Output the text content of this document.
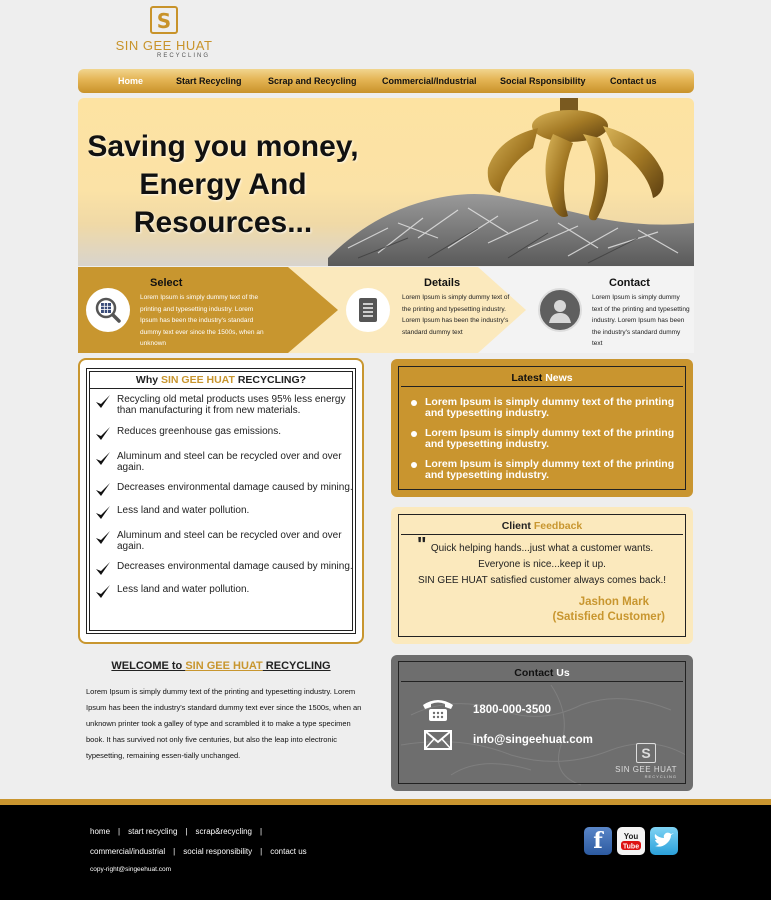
S
SIN GEE HUAT
RECYCLING
Home	Start Recycling	Scrap and Recycling	Commercial/Industrial	Social Rsponsibility	Contact us
Saving you money,
Energy And
Resources...
Select
Lorem Ipsum is simply dummy text of the printing and typesetting industry. Lorem Ipsum has been the industry's standard dummy text ever since the 1500s, when an unknown
Details
Lorem Ipsum is simply dummy text of the printing and typesetting industry. Lorem Ipsum has been the industry's standard dummy text
Contact
Lorem Ipsum is simply dummy text of the printing and typesetting industry. Lorem Ipsum has been the industry's standard dummy text
Why SIN GEE HUAT RECYCLING?
Recycling old metal products uses 95% less energy than manufacturing it from new materials.
Reduces greenhouse gas emissions.
Aluminum and steel can be recycled over and over again.
Decreases environmental damage caused by mining.
Less land and water pollution.
Aluminum and steel can be recycled over and over again.
Decreases environmental damage caused by mining.
Less land and water pollution.
Latest News
Lorem Ipsum is simply dummy text of the printing and typesetting industry.
Lorem Ipsum is simply dummy text of the printing and typesetting industry.
Lorem Ipsum is simply dummy text of the printing and typesetting industry.
Client Feedback
" Quick helping hands...just what a customer wants.
Everyone is nice...keep it up.
SIN GEE HUAT satisfied customer always comes back.!
Jashon Mark
(Satisfied Customer)
WELCOME to SIN GEE HUAT RECYCLING
Lorem Ipsum is simply dummy text of the printing and typesetting industry. Lorem Ipsum has been the industry's standard dummy text ever since the 1500s, when an unknown printer took a galley of type and scrambled it to make a type specimen book. It has survived not only five centuries, but also the leap into electronic typesetting, remaining essen-tially unchanged.
Contact Us
1800-000-3500
info@singeehuat.com
S
SIN GEE HUAT
RECYCLING
home | start recycling | scrap&recycling |
commercial/industrial | social responsibility | contact us
copy-right@singeehuat.com
f	You
Tube
